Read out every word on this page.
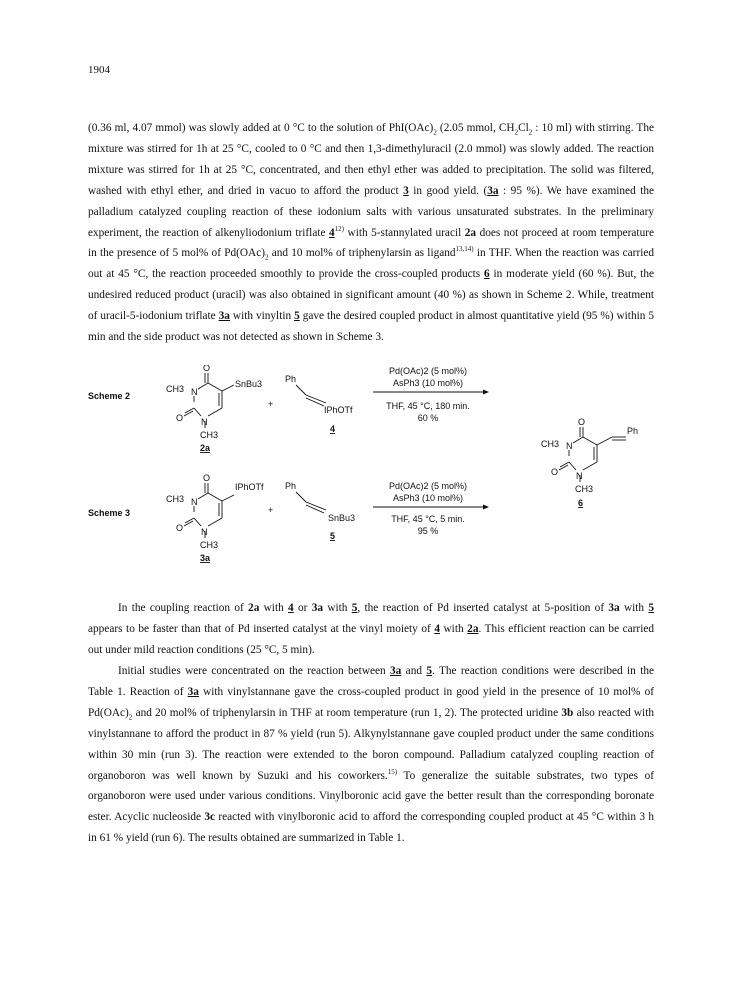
1904

(0.36 ml, 4.07 mmol) was slowly added at 0 °C to the solution of $PhI(OAc)_2$ (2.05 mmol, $CH_2Cl_2$ : 10 ml) with stirring. The mixture was stirred for 1h at 25 °C, cooled to 0 °C and then 1,3-dimethyluracil (2.0 mmol) was slowly added. The reaction mixture was stirred for 1h at 25 °C, concentrated, and then ethyl ether was added to precipitation. The solid was filtered, washed with ethyl ether, and dried in vacuo to afford the product 3 in good yield. (3a : 95 %). We have examined the palladium catalyzed coupling reaction of these iodonium salts with various unsaturated substrates. In the preliminary experiment, the reaction of alkenyliodonium triflate 4$^{12)}$ with 5-stannylated uracil 2a does not proceed at room temperature in the presence of 5 mol% of $Pd(OAc)_2$ and 10 mol% of triphenylarsin as ligand$^{13,14)}$ in THF. When the reaction was carried out at 45 °C, the reaction proceeded smoothly to provide the cross-coupled products 6 in moderate yield (60 %). But, the undesired reduced product (uracil) was also obtained in significant amount (40 %) as shown in Scheme 2. While, treatment of uracil-5-iodonium triflate 3a with vinyltin 5 gave the desired coupled product in almost quantitative yield (95 %) within 5 min and the side product was not detected as shown in Scheme 3.

Scheme 2
O
CH3 N
SnBu3
O N
CH3
2a
+
Ph
IPhOTf
4
Pd(OAc)2 (5 mol%)
AsPh3 (10 mol%)
THF, 45 °C, 180 min.
60 %
Scheme 3
O
CH3 N
IPhOTf
O N
CH3
3a
+
Ph
SnBu3
5
Pd(OAc)2 (5 mol%)
AsPh3 (10 mol%)
THF, 45 °C, 5 min.
95 %
O
Ph
CH3 N
O N
CH3
6

In the coupling reaction of 2a with 4 or 3a with 5, the reaction of Pd inserted catalyst at 5-position of 3a with 5 appears to be faster than that of Pd inserted catalyst at the vinyl moiety of 4 with 2a. This efficient reaction can be carried out under mild reaction conditions (25 °C, 5 min).

Initial studies were concentrated on the reaction between 3a and 5. The reaction conditions were described in the Table 1. Reaction of 3a with vinylstannane gave the cross-coupled product in good yield in the presence of 10 mol% of $Pd(OAc)_2$ and 20 mol% of triphenylarsin in THF at room temperature (run 1, 2). The protected uridine 3b also reacted with vinylstannane to afford the product in 87 % yield (run 5). Alkynylstannane gave coupled product under the same conditions within 30 min (run 3). The reaction were extended to the boron compound. Palladium catalyzed coupling reaction of organoboron was well known by Suzuki and his coworkers.$^{15)}$ To generalize the suitable substrates, two types of organoboron were used under various conditions. Vinylboronic acid gave the better result than the corresponding boronate ester. Acyclic nucleoside 3c reacted with vinylboronic acid to afford the corresponding coupled product at 45 °C within 3 h in 61 % yield (run 6). The results obtained are summarized in Table 1.
